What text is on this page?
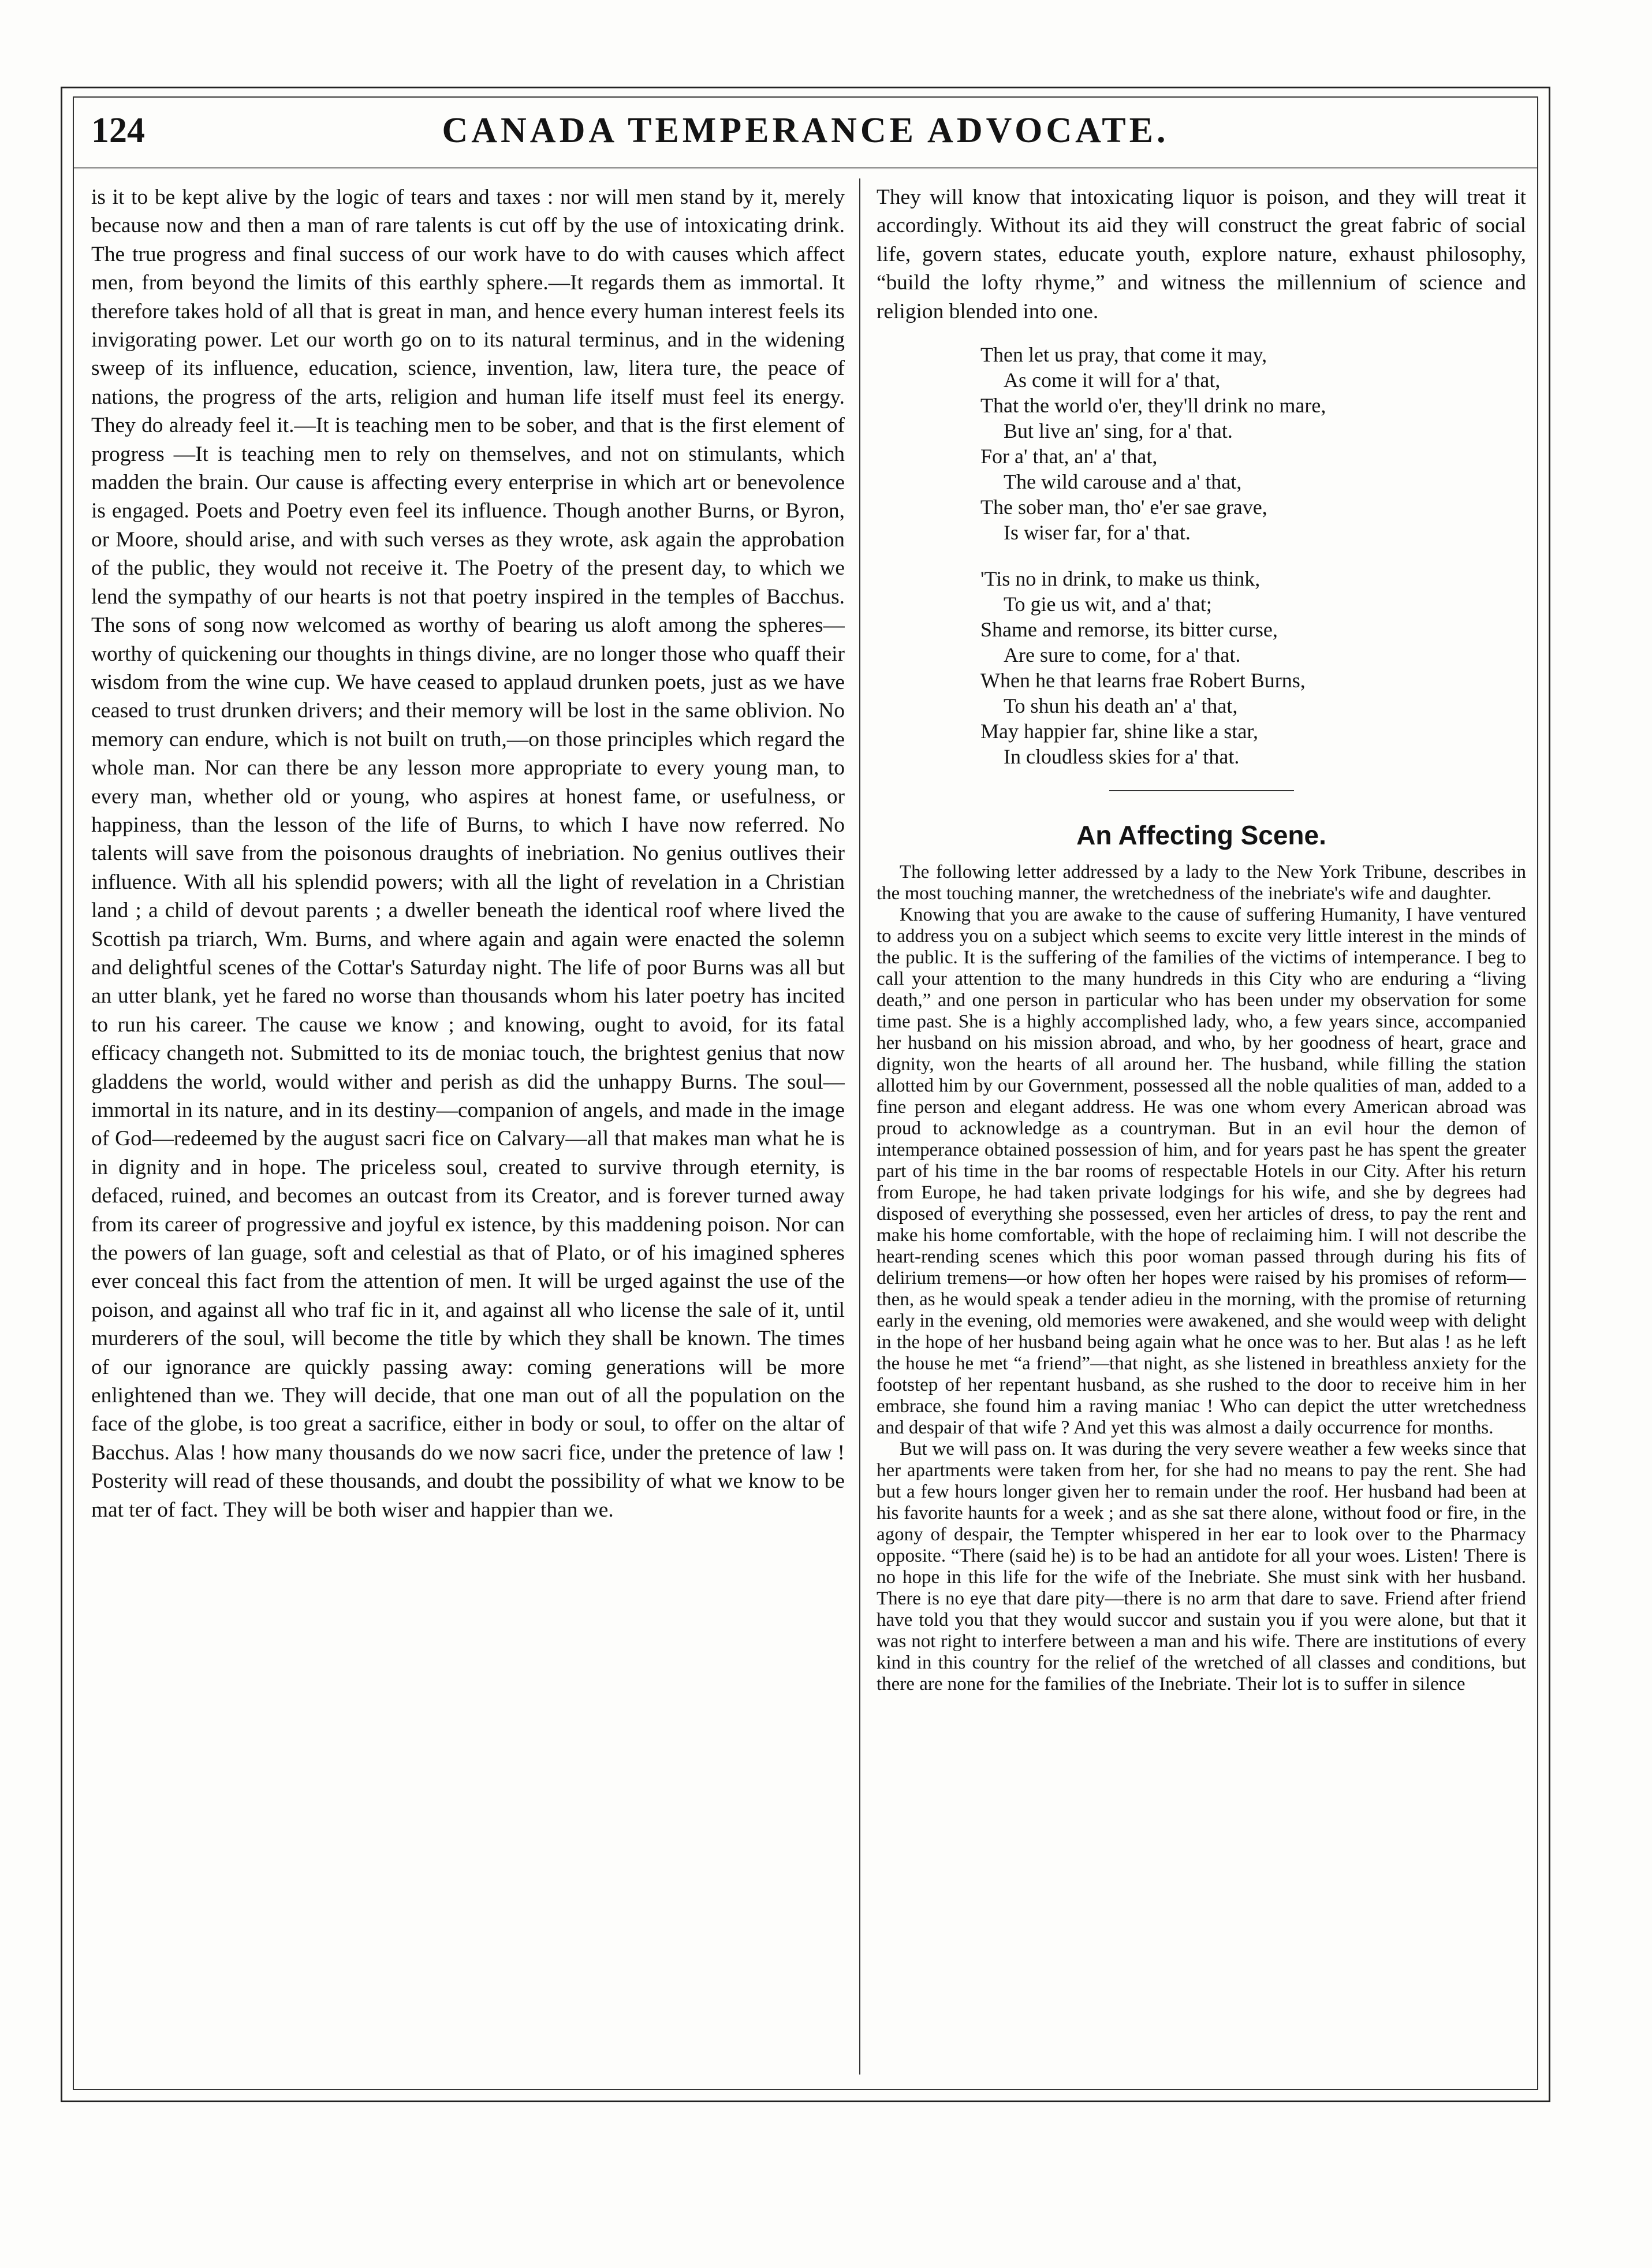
124	CANADA TEMPERANCE ADVOCATE.

is it to be kept alive by the logic of tears and taxes : nor will men stand by it, merely because now and then a man of rare talents is cut off by the use of intoxicating drink. The true progress and final success of our work have to do with causes which affect men, from beyond the limits of this earthly sphere.—It regards them as immortal. It therefore takes hold of all that is great in man, and hence every human interest feels its invigorating power. Let our worth go on to its natural terminus, and in the widening sweep of its influence, education, science, invention, law, litera ture, the peace of nations, the progress of the arts, religion and human life itself must feel its energy. They do already feel it.—It is teaching men to be sober, and that is the first element of progress —It is teaching men to rely on themselves, and not on stimulants, which madden the brain. Our cause is affecting every enterprise in which art or benevolence is engaged. Poets and Poetry even feel its influence. Though another Burns, or Byron, or Moore, should arise, and with such verses as they wrote, ask again the approbation of the public, they would not receive it. The Poetry of the present day, to which we lend the sympathy of our hearts is not that poetry inspired in the temples of Bacchus. The sons of song now welcomed as worthy of bearing us aloft among the spheres—worthy of quickening our thoughts in things divine, are no longer those who quaff their wisdom from the wine cup. We have ceased to applaud drunken poets, just as we have ceased to trust drunken drivers; and their memory will be lost in the same oblivion. No memory can endure, which is not built on truth,—on those principles which regard the whole man. Nor can there be any lesson more appropriate to every young man, to every man, whether old or young, who aspires at honest fame, or usefulness, or happiness, than the lesson of the life of Burns, to which I have now referred. No talents will save from the poisonous draughts of inebriation. No genius outlives their influence. With all his splendid powers; with all the light of revelation in a Christian land ; a child of devout parents ; a dweller beneath the identical roof where lived the Scottish pa triarch, Wm. Burns, and where again and again were enacted the solemn and delightful scenes of the Cottar's Saturday night. The life of poor Burns was all but an utter blank, yet he fared no worse than thousands whom his later poetry has incited to run his career. The cause we know ; and knowing, ought to avoid, for its fatal efficacy changeth not. Submitted to its de moniac touch, the brightest genius that now gladdens the world, would wither and perish as did the unhappy Burns. The soul— immortal in its nature, and in its destiny—companion of angels, and made in the image of God—redeemed by the august sacri fice on Calvary—all that makes man what he is in dignity and in hope. The priceless soul, created to survive through eternity, is defaced, ruined, and becomes an outcast from its Creator, and is forever turned away from its career of progressive and joyful ex istence, by this maddening poison. Nor can the powers of lan guage, soft and celestial as that of Plato, or of his imagined spheres ever conceal this fact from the attention of men. It will be urged against the use of the poison, and against all who traf fic in it, and against all who license the sale of it, until murderers of the soul, will become the title by which they shall be known. The times of our ignorance are quickly passing away: coming generations will be more enlightened than we. They will decide, that one man out of all the population on the face of the globe, is too great a sacrifice, either in body or soul, to offer on the altar of Bacchus. Alas ! how many thousands do we now sacri fice, under the pretence of law ! Posterity will read of these thousands, and doubt the possibility of what we know to be mat ter of fact. They will be both wiser and happier than we.

They will know that intoxicating liquor is poison, and they will treat it accordingly. Without its aid they will construct the great fabric of social life, govern states, educate youth, explore nature, exhaust philosophy, “build the lofty rhyme,” and witness the millennium of science and religion blended into one.

Then let us pray, that come it may,
As come it will for a' that,
That the world o'er, they'll drink no mare,
But live an' sing, for a' that.
For a' that, an' a' that,
The wild carouse and a' that,
The sober man, tho' e'er sae grave,
Is wiser far, for a' that.
'Tis no in drink, to make us think,
To gie us wit, and a' that;
Shame and remorse, its bitter curse,
Are sure to come, for a' that.
When he that learns frae Robert Burns,
To shun his death an' a' that,
May happier far, shine like a star,
In cloudless skies for a' that.
An Affecting Scene.

The following letter addressed by a lady to the New York Tribune, describes in the most touching manner, the wretchedness of the inebriate's wife and daughter.

Knowing that you are awake to the cause of suffering Humanity, I have ventured to address you on a subject which seems to excite very little interest in the minds of the public. It is the suffering of the families of the victims of intemperance. I beg to call your attention to the many hundreds in this City who are enduring a “living death,” and one person in particular who has been under my observation for some time past. She is a highly accomplished lady, who, a few years since, accompanied her husband on his mission abroad, and who, by her goodness of heart, grace and dignity, won the hearts of all around her. The husband, while filling the station allotted him by our Government, possessed all the noble qualities of man, added to a fine person and elegant address. He was one whom every American abroad was proud to acknowledge as a countryman. But in an evil hour the demon of intemperance obtained possession of him, and for years past he has spent the greater part of his time in the bar rooms of respectable Hotels in our City. After his return from Europe, he had taken private lodgings for his wife, and she by degrees had disposed of everything she possessed, even her articles of dress, to pay the rent and make his home comfortable, with the hope of reclaiming him. I will not describe the heart-rending scenes which this poor woman passed through during his fits of delirium tremens—or how often her hopes were raised by his promises of reform—then, as he would speak a tender adieu in the morning, with the promise of returning early in the evening, old memories were awakened, and she would weep with delight in the hope of her husband being again what he once was to her. But alas ! as he left the house he met “a friend”—that night, as she listened in breathless anxiety for the footstep of her repentant husband, as she rushed to the door to receive him in her embrace, she found him a raving maniac ! Who can depict the utter wretchedness and despair of that wife ? And yet this was almost a daily occurrence for months.

But we will pass on. It was during the very severe weather a few weeks since that her apartments were taken from her, for she had no means to pay the rent. She had but a few hours longer given her to remain under the roof. Her husband had been at his favorite haunts for a week ; and as she sat there alone, without food or fire, in the agony of despair, the Tempter whispered in her ear to look over to the Pharmacy opposite. “There (said he) is to be had an antidote for all your woes. Listen! There is no hope in this life for the wife of the Inebriate. She must sink with her husband. There is no eye that dare pity—there is no arm that dare to save. Friend after friend have told you that they would succor and sustain you if you were alone, but that it was not right to interfere between a man and his wife. There are institutions of every kind in this country for the relief of the wretched of all classes and conditions, but there are none for the families of the Inebriate. Their lot is to suffer in silence
